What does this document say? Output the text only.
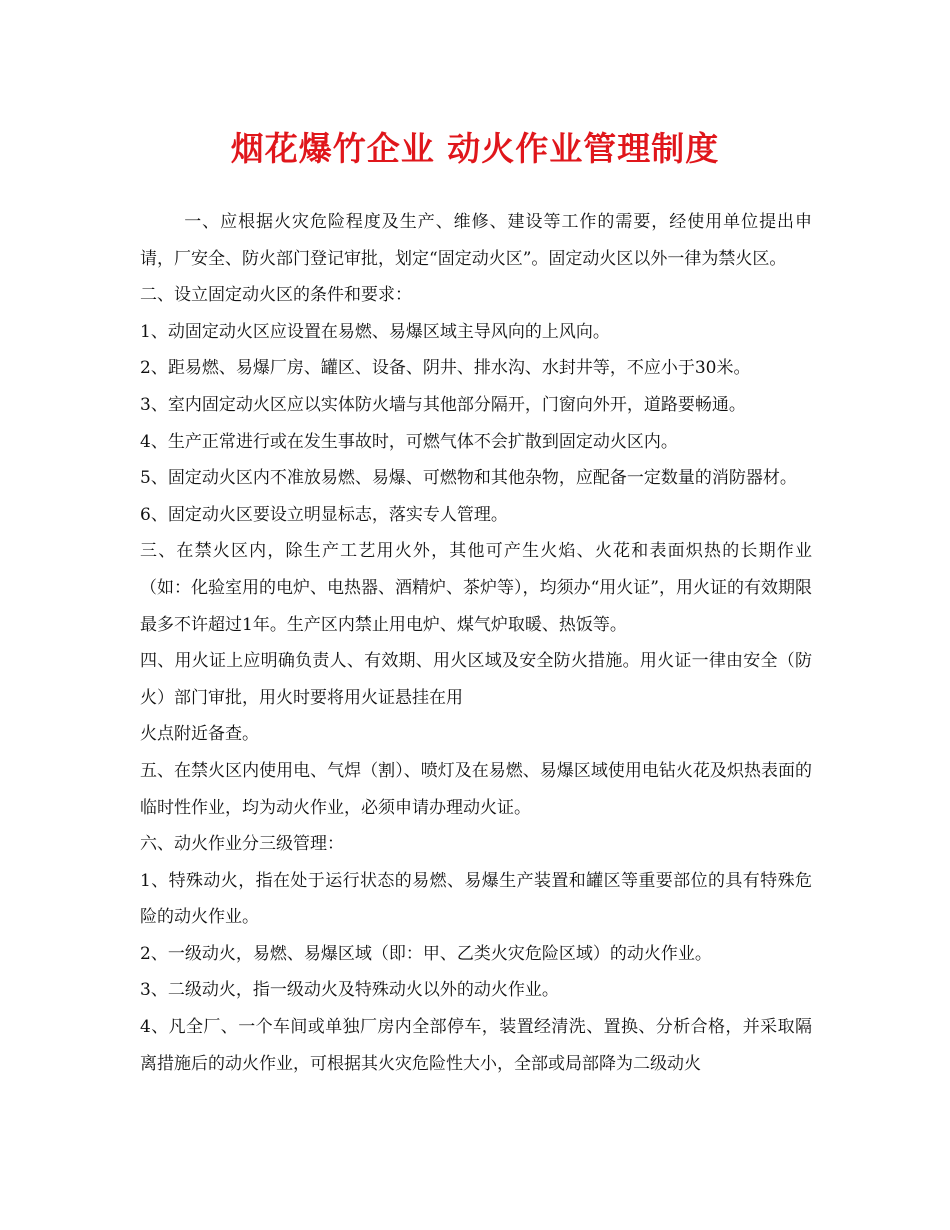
烟花爆竹企业 动火作业管理制度

一、应根据火灾危险程度及生产、维修、建设等工作的需要，经使用单位提出申请，厂安全、防火部门登记审批，划定“固定动火区”。固定动火区以外一律为禁火区。

二、设立固定动火区的条件和要求：

1、动固定动火区应设置在易燃、易爆区域主导风向的上风向。

2、距易燃、易爆厂房、罐区、设备、阴井、排水沟、水封井等，不应小于30米。

3、室内固定动火区应以实体防火墙与其他部分隔开，门窗向外开，道路要畅通。

4、生产正常进行或在发生事故时，可燃气体不会扩散到固定动火区内。

5、固定动火区内不准放易燃、易爆、可燃物和其他杂物，应配备一定数量的消防器材。

6、固定动火区要设立明显标志，落实专人管理。

三、在禁火区内，除生产工艺用火外，其他可产生火焰、火花和表面炽热的长期作业（如：化验室用的电炉、电热器、酒精炉、茶炉等），均须办“用火证”，用火证的有效期限最多不许超过1年。生产区内禁止用电炉、煤气炉取暖、热饭等。

四、用火证上应明确负责人、有效期、用火区域及安全防火措施。用火证一律由安全（防火）部门审批，用火时要将用火证悬挂在用

火点附近备查。

五、在禁火区内使用电、气焊（割）、喷灯及在易燃、易爆区域使用电钻火花及炽热表面的临时性作业，均为动火作业，必须申请办理动火证。

六、动火作业分三级管理：

1、特殊动火，指在处于运行状态的易燃、易爆生产装置和罐区等重要部位的具有特殊危险的动火作业。

2、一级动火，易燃、易爆区域（即：甲、乙类火灾危险区域）的动火作业。

3、二级动火，指一级动火及特殊动火以外的动火作业。

4、凡全厂、一个车间或单独厂房内全部停车，装置经清洗、置换、分析合格，并采取隔离措施后的动火作业，可根据其火灾危险性大小，全部或局部降为二级动火
